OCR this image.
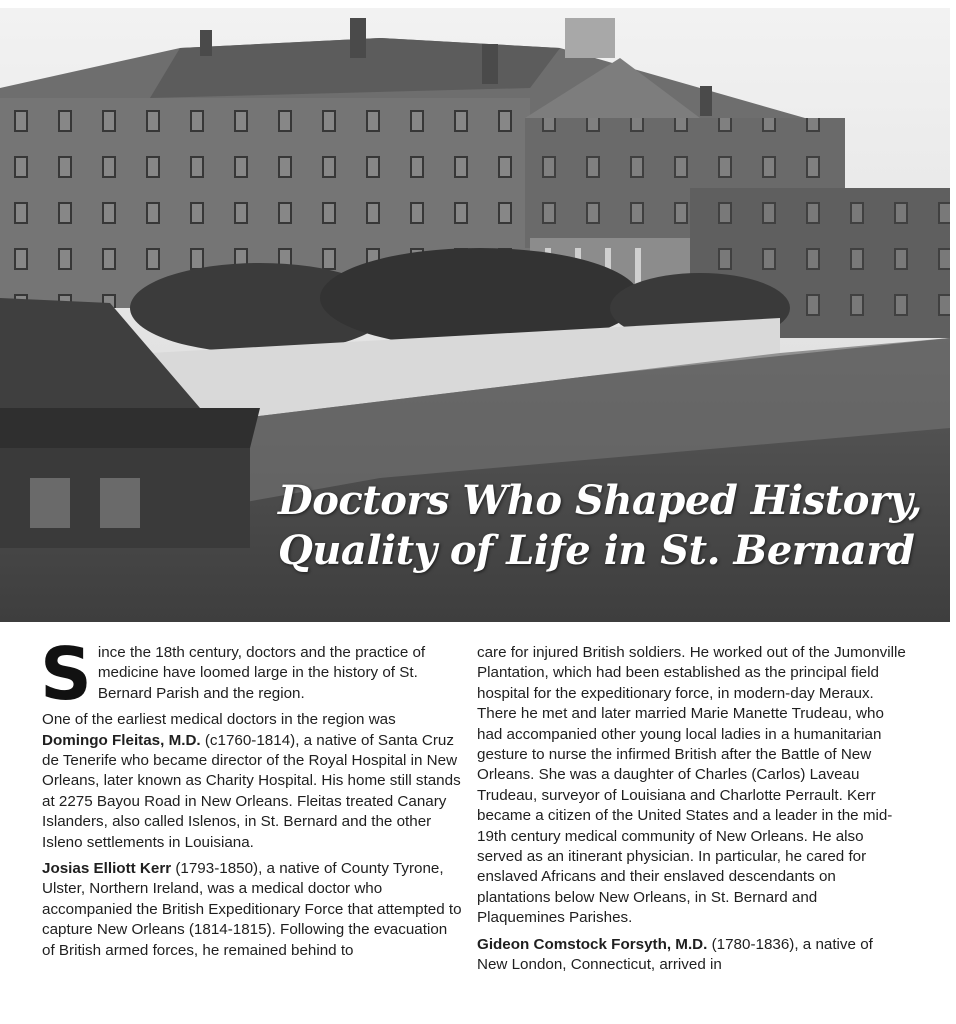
Doctors Who Shaped History,
Quality of Life in St. Bernard

Since the 18th century, doctors and the practice of medicine have loomed large in the history of St. Bernard Parish and the region.

One of the earliest medical doctors in the region was Domingo Fleitas, M.D. (c1760-1814), a native of Santa Cruz de Tenerife who became director of the Royal Hospital in New Orleans, later known as Charity Hospital. His home still stands at 2275 Bayou Road in New Orleans. Fleitas treated Canary Islanders, also called Islenos, in St. Bernard and the other Isleno settlements in Louisiana.

Josias Elliott Kerr (1793-1850), a native of County Tyrone, Ulster, Northern Ireland, was a medical doctor who accompanied the British Expeditionary Force that attempted to capture New Orleans (1814-1815). Following the evacuation of British armed forces, he remained behind to

care for injured British soldiers. He worked out of the Jumonville Plantation, which had been established as the principal field hospital for the expeditionary force, in modern-day Meraux. There he met and later married Marie Manette Trudeau, who had accompanied other young local ladies in a humanitarian gesture to nurse the infirmed British after the Battle of New Orleans. She was a daughter of Charles (Carlos) Laveau Trudeau, surveyor of Louisiana and Charlotte Perrault. Kerr became a citizen of the United States and a leader in the mid-19th century medical community of New Orleans. He also served as an itinerant physician. In particular, he cared for enslaved Africans and their enslaved descendants on plantations below New Orleans, in St. Bernard and Plaquemines Parishes.

Gideon Comstock Forsyth, M.D. (1780-1836), a native of New London, Connecticut, arrived in
